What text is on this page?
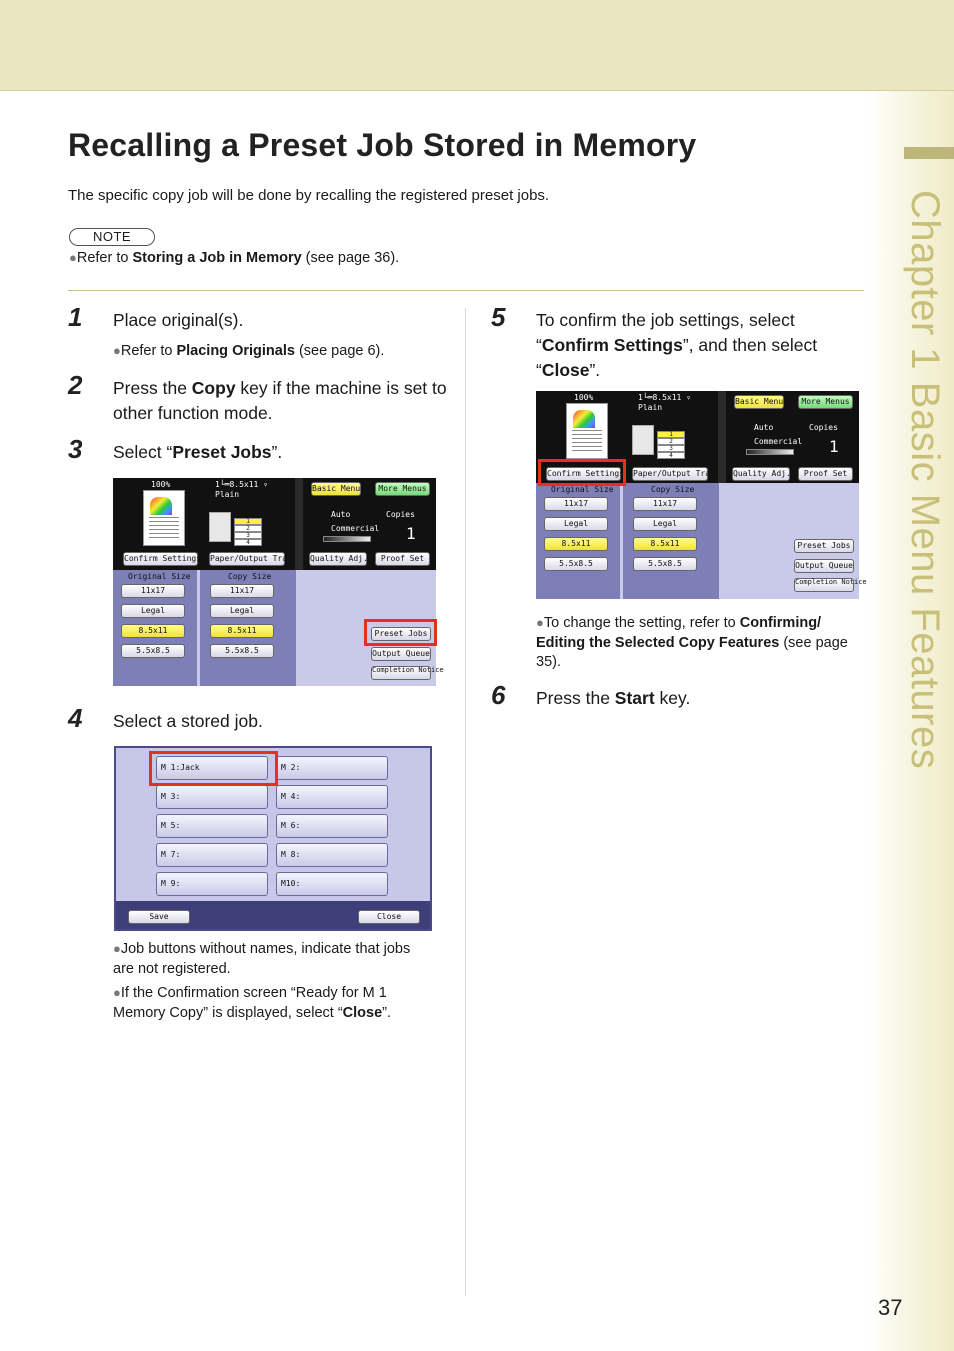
Chapter 1 Basic Menu Features
37
Recalling a Preset Job Stored in Memory

The specific copy job will be done by recalling the registered preset jobs.

NOTE

●Refer to Storing a Job in Memory (see page 36).

1 Place original(s).

●Refer to Placing Originals (see page 6).

2 Press the Copy key if the machine is set to other function mode.

3 Select “Preset Jobs”.

100%	1└═8.5x11 ▿
Plain
1
2
3
4
Basic Menu	More Menus
Auto	Copies
Commercial 1
Confirm Settings Paper/Output Tray Quality Adj.	Proof Set
Original Size	Copy Size
11x17
Legal
8.5x11
5.5x8.5
11x17
Legal
8.5x11
5.5x8.5
Preset Jobs
Output Queue
Completion Notice
4 Select a stored job.

M 1:Jack	M 2:
M 3:	M 4:
M 5:	M 6:
M 7:	M 8:
M 9:	M10:
Save	Close

●Job buttons without names, indicate that jobs are not registered.

●If the Confirmation screen “Ready for M 1 Memory Copy” is displayed, select “Close”.

5 To confirm the job settings, select “Confirm Settings”, and then select “Close”.

100%	1└═8.5x11 ▿
Plain
1
2
3
4
Basic Menu	More Menus
Auto	Copies
Commercial 1
Confirm Settings Paper/Output Tray Quality Adj.	Proof Set
Original Size	Copy Size
11x17
Legal
8.5x11
5.5x8.5
11x17
Legal
8.5x11
5.5x8.5
Preset Jobs
Output Queue
Completion Notice

●To change the setting, refer to Confirming/ Editing the Selected Copy Features (see page 35).

6 Press the Start key.
